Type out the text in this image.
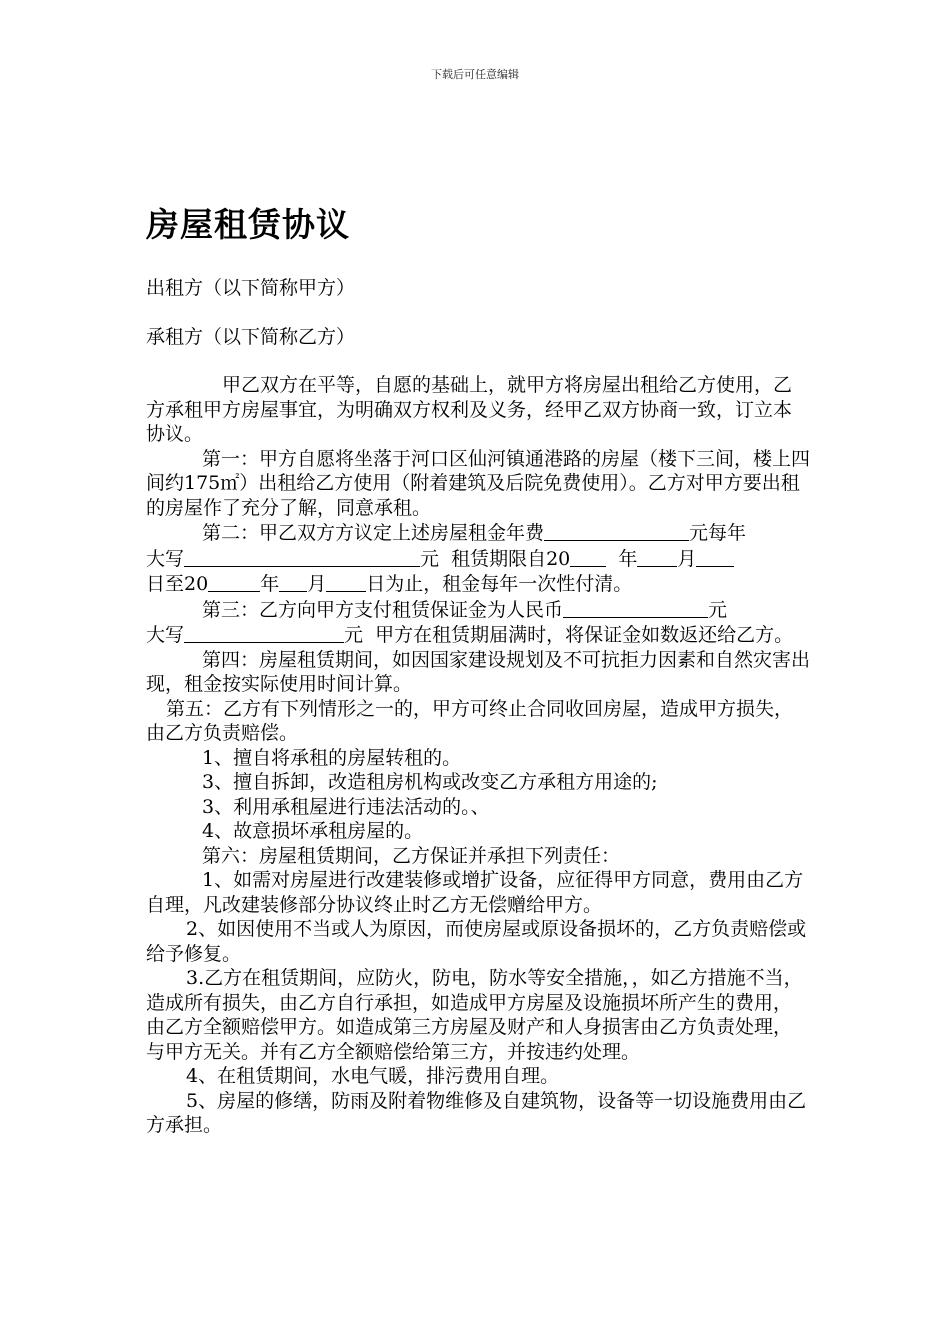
下载后可任意编辑
房屋租赁协议
出租方（以下简称甲方）
承租方（以下简称乙方）

甲乙双方在平等，自愿的基础上，就甲方将房屋出租给乙方使用，乙方承租甲方房屋事宜，为明确双方权利及义务，经甲乙双方协商一致，订立本协议。

第一：甲方自愿将坐落于河口区仙河镇通港路的房屋（楼下三间，楼上四间约175㎡）出租给乙方使用（附着建筑及后院免费使用）。乙方对甲方要出租的房屋作了充分了解，同意承租。

第二：甲乙双方方议定上述房屋租金年费	元每年

大写	元  租赁期限自20	年 月

日至20	年 月 日为止，租金每年一次性付清。

第三：乙方向甲方支付租赁保证金为人民币	元

大写	元  甲方在租赁期届满时，将保证金如数返还给乙方。

第四：房屋租赁期间，如因国家建设规划及不可抗拒力因素和自然灾害出现，租金按实际使用时间计算。

第五：乙方有下列情形之一的，甲方可终止合同收回房屋，造成甲方损失，由乙方负责赔偿。

1、擅自将承租的房屋转租的。

3、擅自拆卸，改造租房机构或改变乙方承租方用途的;

3、利用承租屋进行违法活动的。、

4、故意损坏承租房屋的。

第六：房屋租赁期间，乙方保证并承担下列责任：

1、如需对房屋进行改建装修或增扩设备，应征得甲方同意，费用由乙方自理，凡改建装修部分协议终止时乙方无偿赠给甲方。

2、如因使用不当或人为原因，而使房屋或原设备损坏的，乙方负责赔偿或给予修复。

3.乙方在租赁期间，应防火，防电，防水等安全措施，，如乙方措施不当，造成所有损失，由乙方自行承担，如造成甲方房屋及设施损坏所产生的费用，由乙方全额赔偿甲方。如造成第三方房屋及财产和人身损害由乙方负责处理，与甲方无关。并有乙方全额赔偿给第三方，并按违约处理。

4、在租赁期间，水电气暖，排污费用自理。

5、房屋的修缮，防雨及附着物维修及自建筑物，设备等一切设施费用由乙方承担。
